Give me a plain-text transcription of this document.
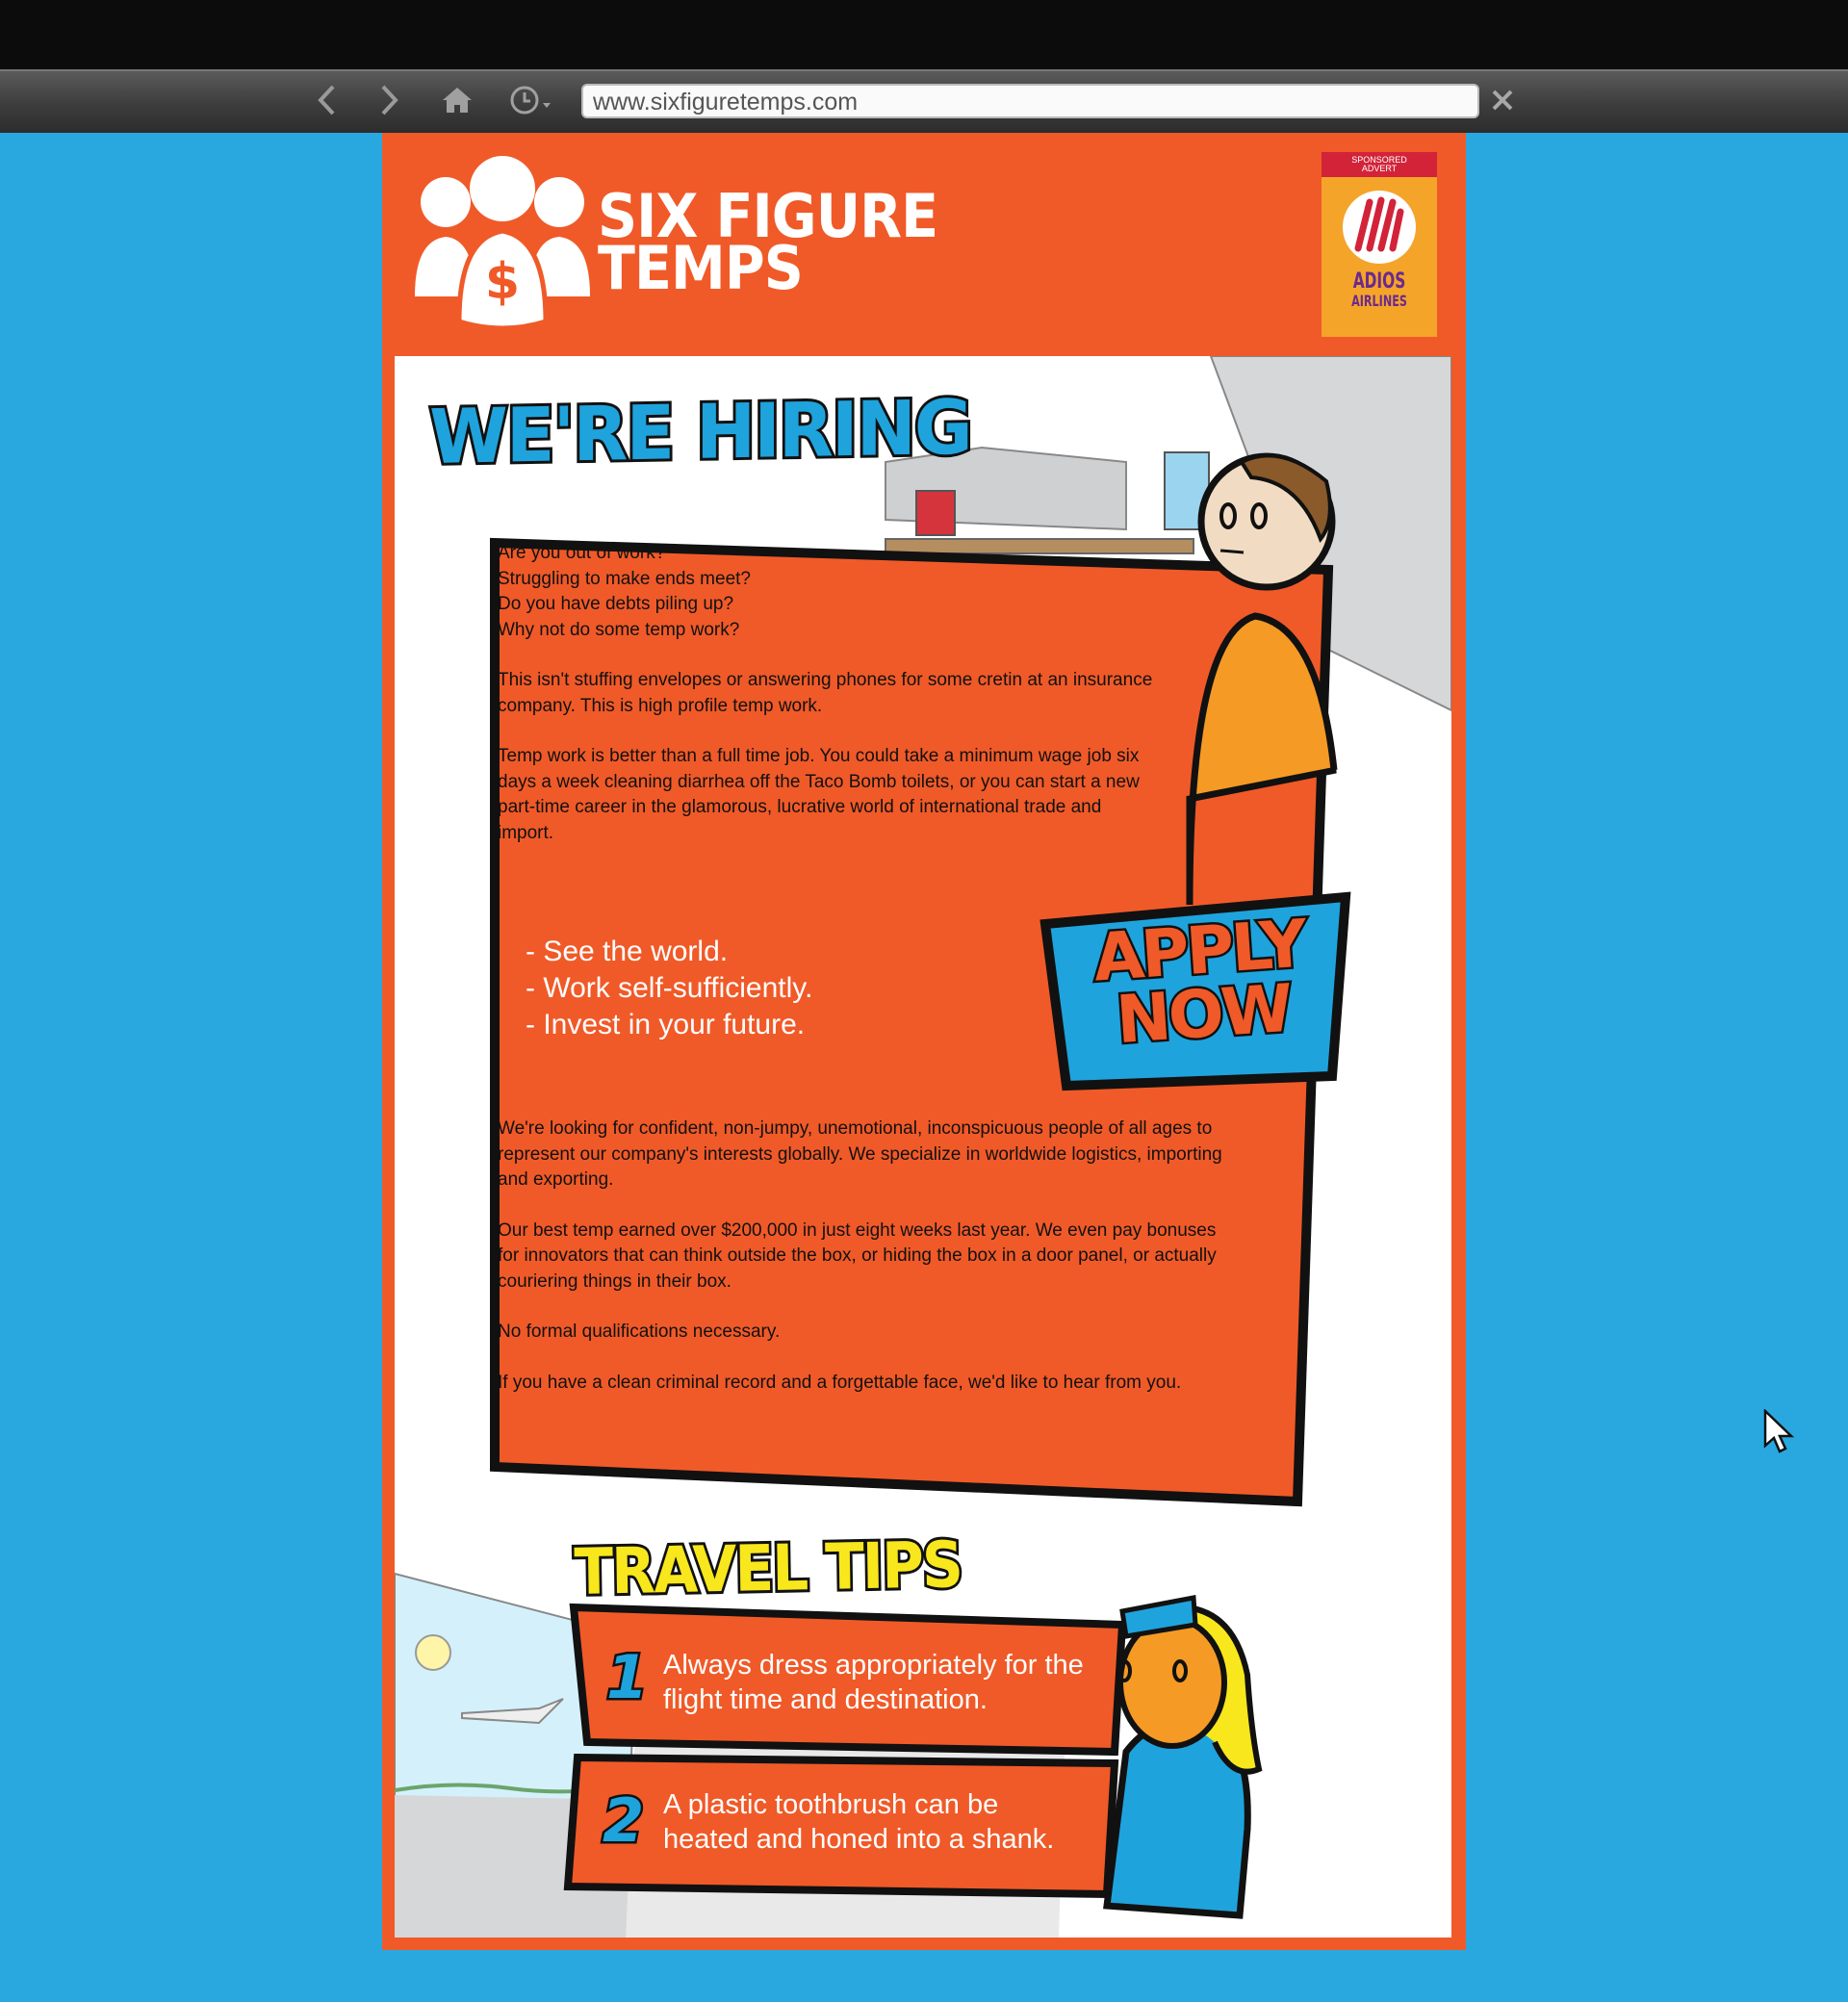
www.sixfiguretemps.com
$
SIX FIGURE
TEMPS
SPONSORED
ADVERT
ADIOS
AIRLINES
WE'RE HIRING
TRAVEL TIPS

Are you out of work?
Struggling to make ends meet?
Do you have debts piling up?
Why not do some temp work?

This isn't stuffing envelopes or answering phones for some cretin at an insurance company. This is high profile temp work.

Temp work is better than a full time job. You could take a minimum wage job six days a week cleaning diarrhea off the Taco Bomb toilets, or you can start a new part-time career in the glamorous, lucrative world of international trade and import.

- See the world.
- Work self-sufficiently.
- Invest in your future.

We're looking for confident, non-jumpy, unemotional, inconspicuous people of all ages to represent our company's interests globally. We specialize in worldwide logistics, importing and exporting.

Our best temp earned over $200,000 in just eight weeks last year. We even pay bonuses for innovators that can think outside the box, or hiding the box in a door panel, or actually couriering things in their box.

No formal qualifications necessary.

If you have a clean criminal record and a forgettable face, we'd like to hear from you.

APPLY
NOW
1 Always dress appropriately for the
flight time and destination.
2 A plastic toothbrush can be
heated and honed into a shank.
